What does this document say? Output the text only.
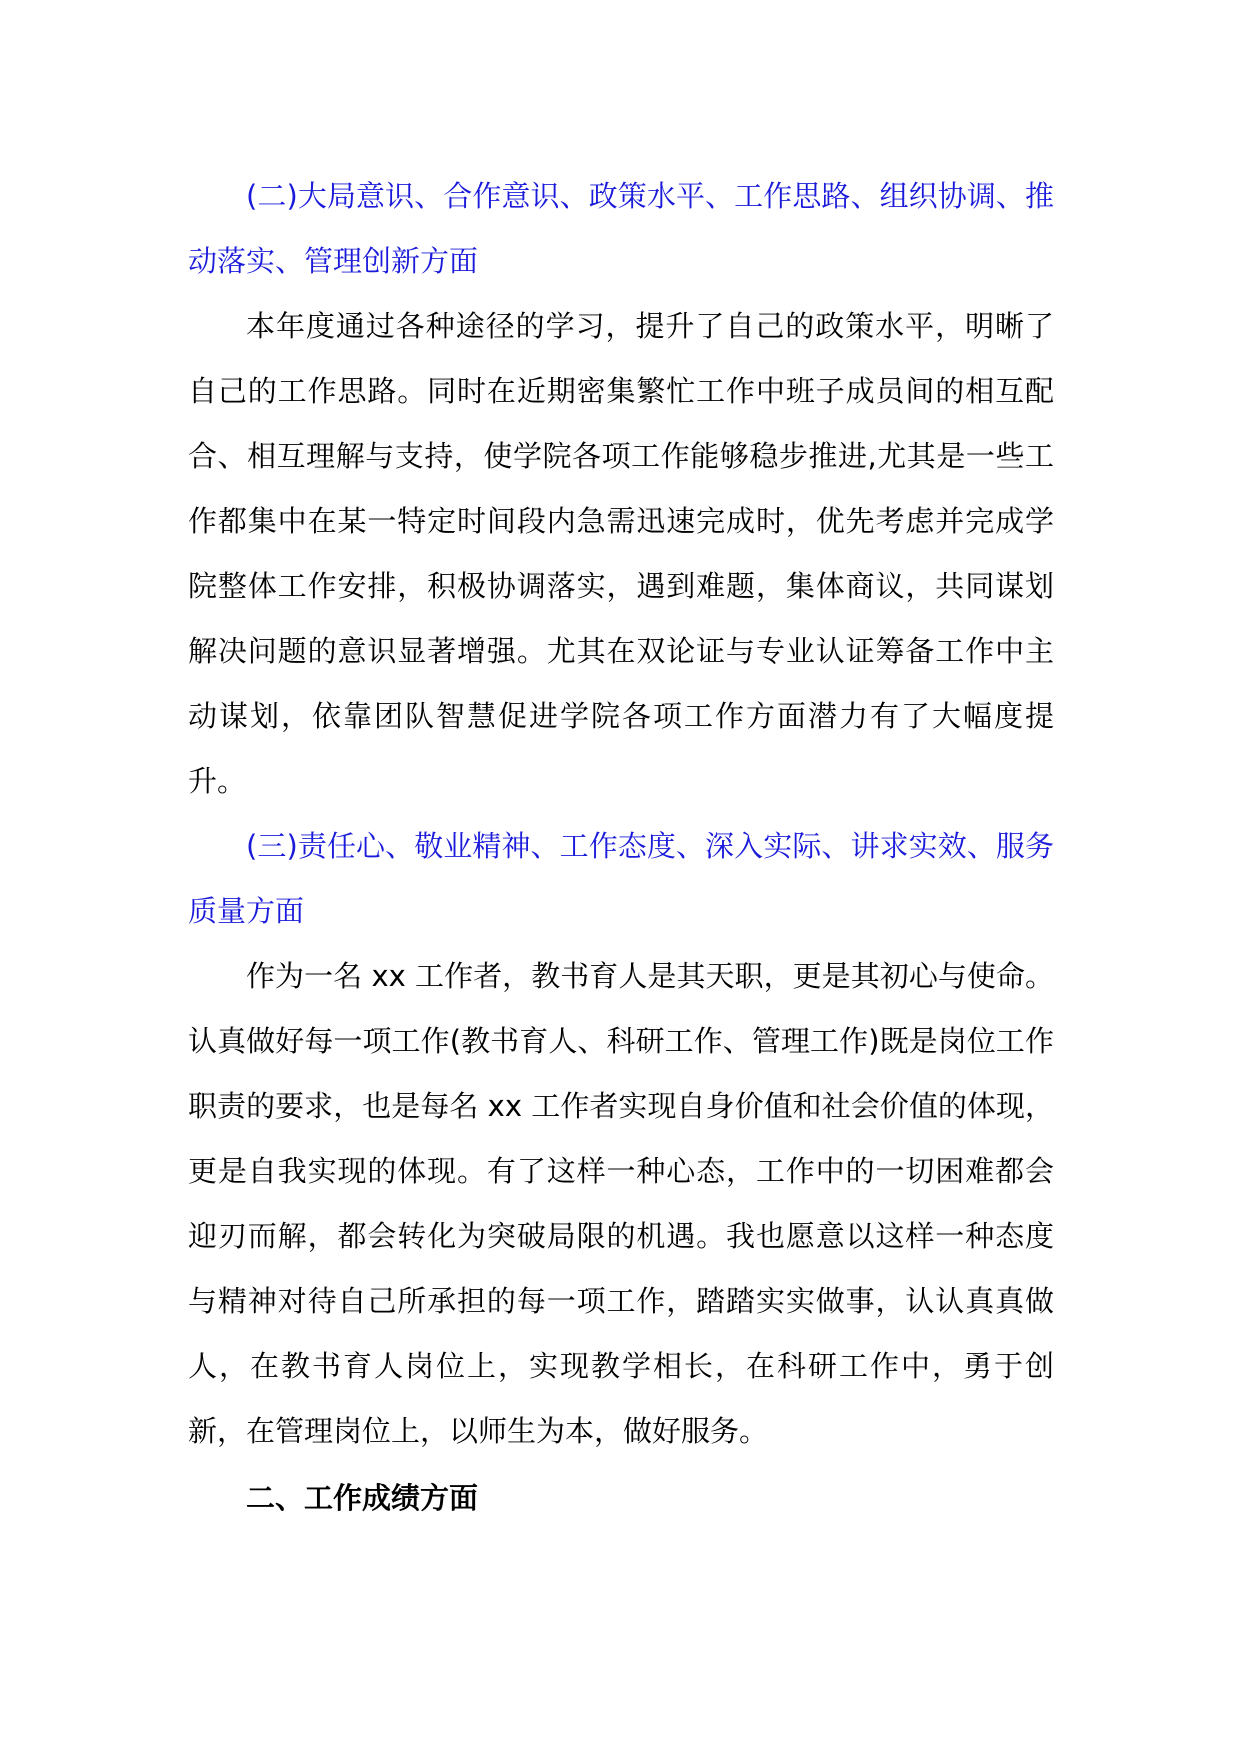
(二)大局意识、合作意识、政策水平、工作思路、组织协调、推动落实、管理创新方面

本年度通过各种途径的学习，提升了自己的政策水平，明晰了自己的工作思路。同时在近期密集繁忙工作中班子成员间的相互配合、相互理解与支持，使学院各项工作能够稳步推进,尤其是一些工作都集中在某一特定时间段内急需迅速完成时，优先考虑并完成学院整体工作安排，积极协调落实，遇到难题，集体商议，共同谋划解决问题的意识显著增强。尤其在双论证与专业认证筹备工作中主动谋划，依靠团队智慧促进学院各项工作方面潜力有了大幅度提升。

(三)责任心、敬业精神、工作态度、深入实际、讲求实效、服务质量方面

作为一名 xx 工作者，教书育人是其天职，更是其初心与使命。认真做好每一项工作(教书育人、科研工作、管理工作)既是岗位工作职责的要求，也是每名 xx 工作者实现自身价值和社会价值的体现，更是自我实现的体现。有了这样一种心态，工作中的一切困难都会迎刃而解，都会转化为突破局限的机遇。我也愿意以这样一种态度与精神对待自己所承担的每一项工作，踏踏实实做事，认认真真做人，在教书育人岗位上，实现教学相长，在科研工作中，勇于创新，在管理岗位上，以师生为本，做好服务。

二、工作成绩方面
